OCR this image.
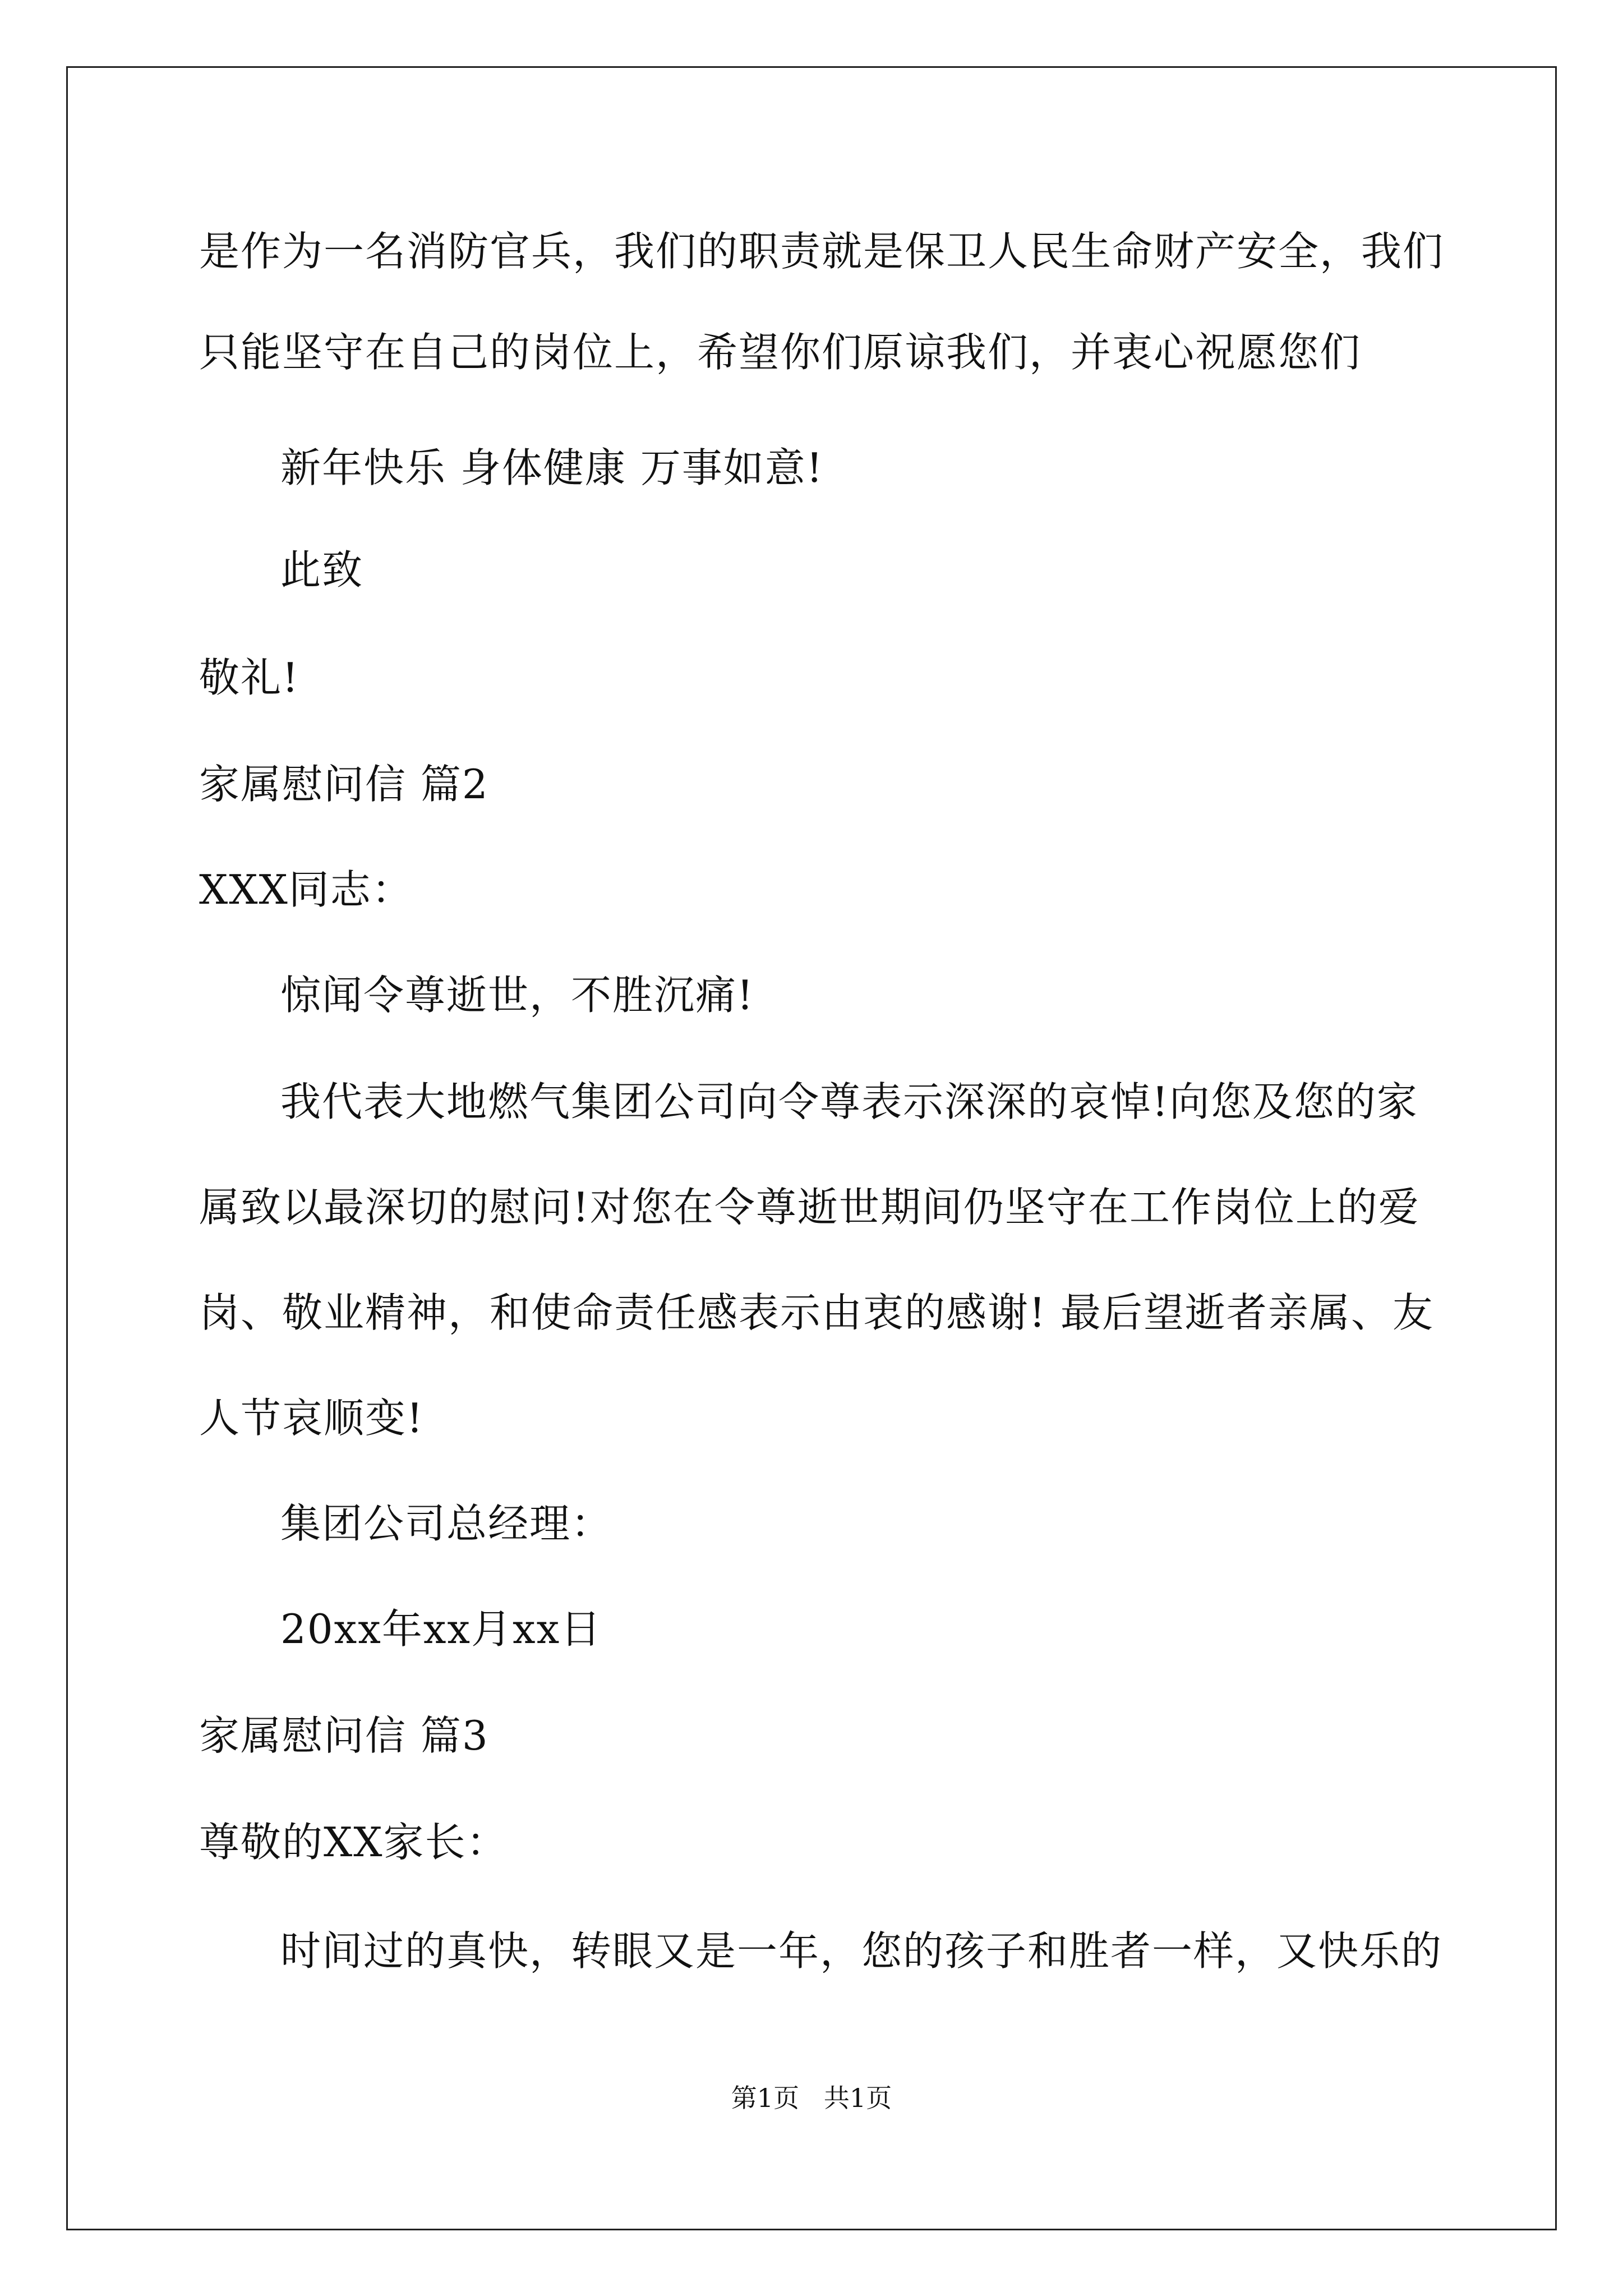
是作为一名消防官兵，我们的职责就是保卫人民生命财产安全，我们
只能坚守在自己的岗位上，希望你们原谅我们，并衷心祝愿您们
新年快乐 身体健康 万事如意!
此致
敬礼!
家属慰问信 篇2
XXX同志：
惊闻令尊逝世，不胜沉痛!
我代表大地燃气集团公司向令尊表示深深的哀悼!向您及您的家
属致以最深切的慰问!对您在令尊逝世期间仍坚守在工作岗位上的爱
岗、敬业精神，和使命责任感表示由衷的感谢! 最后望逝者亲属、友
人节哀顺变!
集团公司总经理：
20xx年xx月xx日
家属慰问信 篇3
尊敬的XX家长：
时间过的真快，转眼又是一年，您的孩子和胜者一样，又快乐的
第1页   共1页
